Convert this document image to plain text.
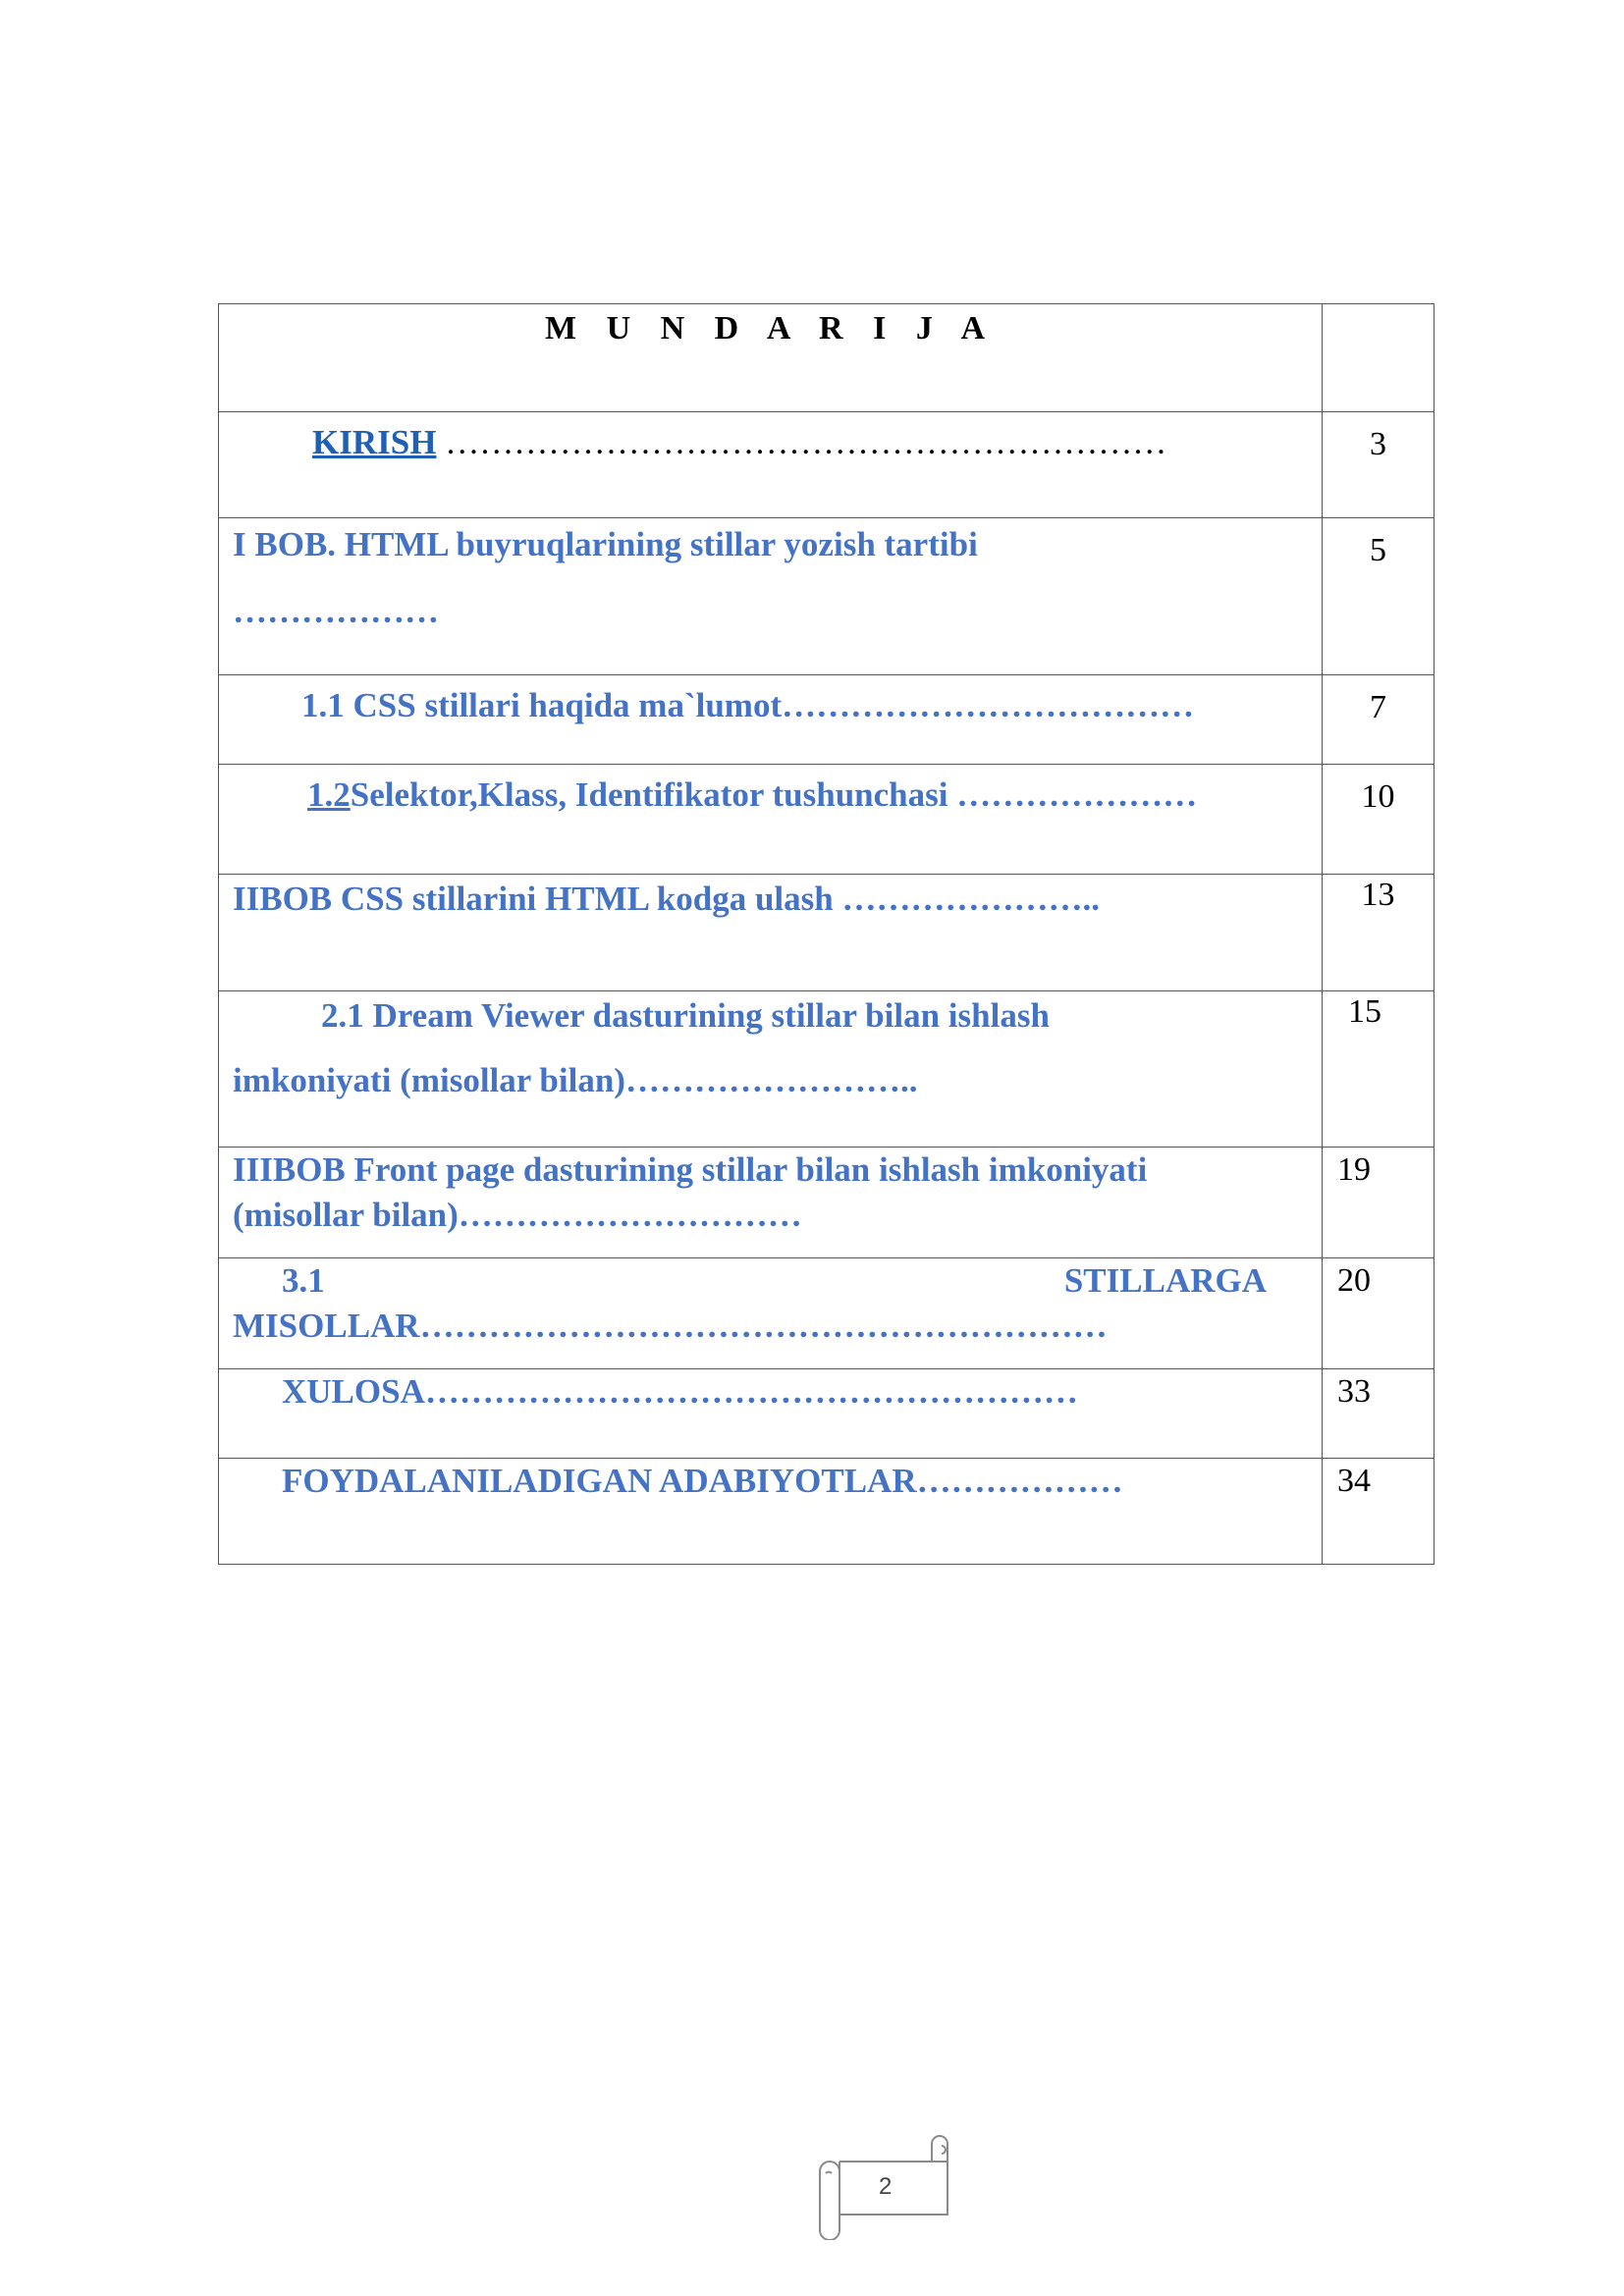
M U N D A R I J A	

KIRISH ………………………………………………………	3

I BOB. HTML buyruqlarining stillar yozish tartibi
………………	5

1.1 CSS stillari haqida ma`lumot………………………………	7

1.2Selektor,Klass, Identifikator tushunchasi …………………	10

IIBOB CSS stillarini HTML kodga ulash …………………..	13

2.1 Dream Viewer dasturining stillar bilan ishlash
imkoniyati (misollar bilan)……………………..	15

IIIBOB Front page dasturining stillar bilan ishlash imkoniyati
(misollar bilan)…………………………	19

3.1 STILLARGA
MISOLLAR……………………………………………………	20

XULOSA…………………………………………………	33

FOYDALANILADIGAN ADABIYOTLAR………………	34
2
